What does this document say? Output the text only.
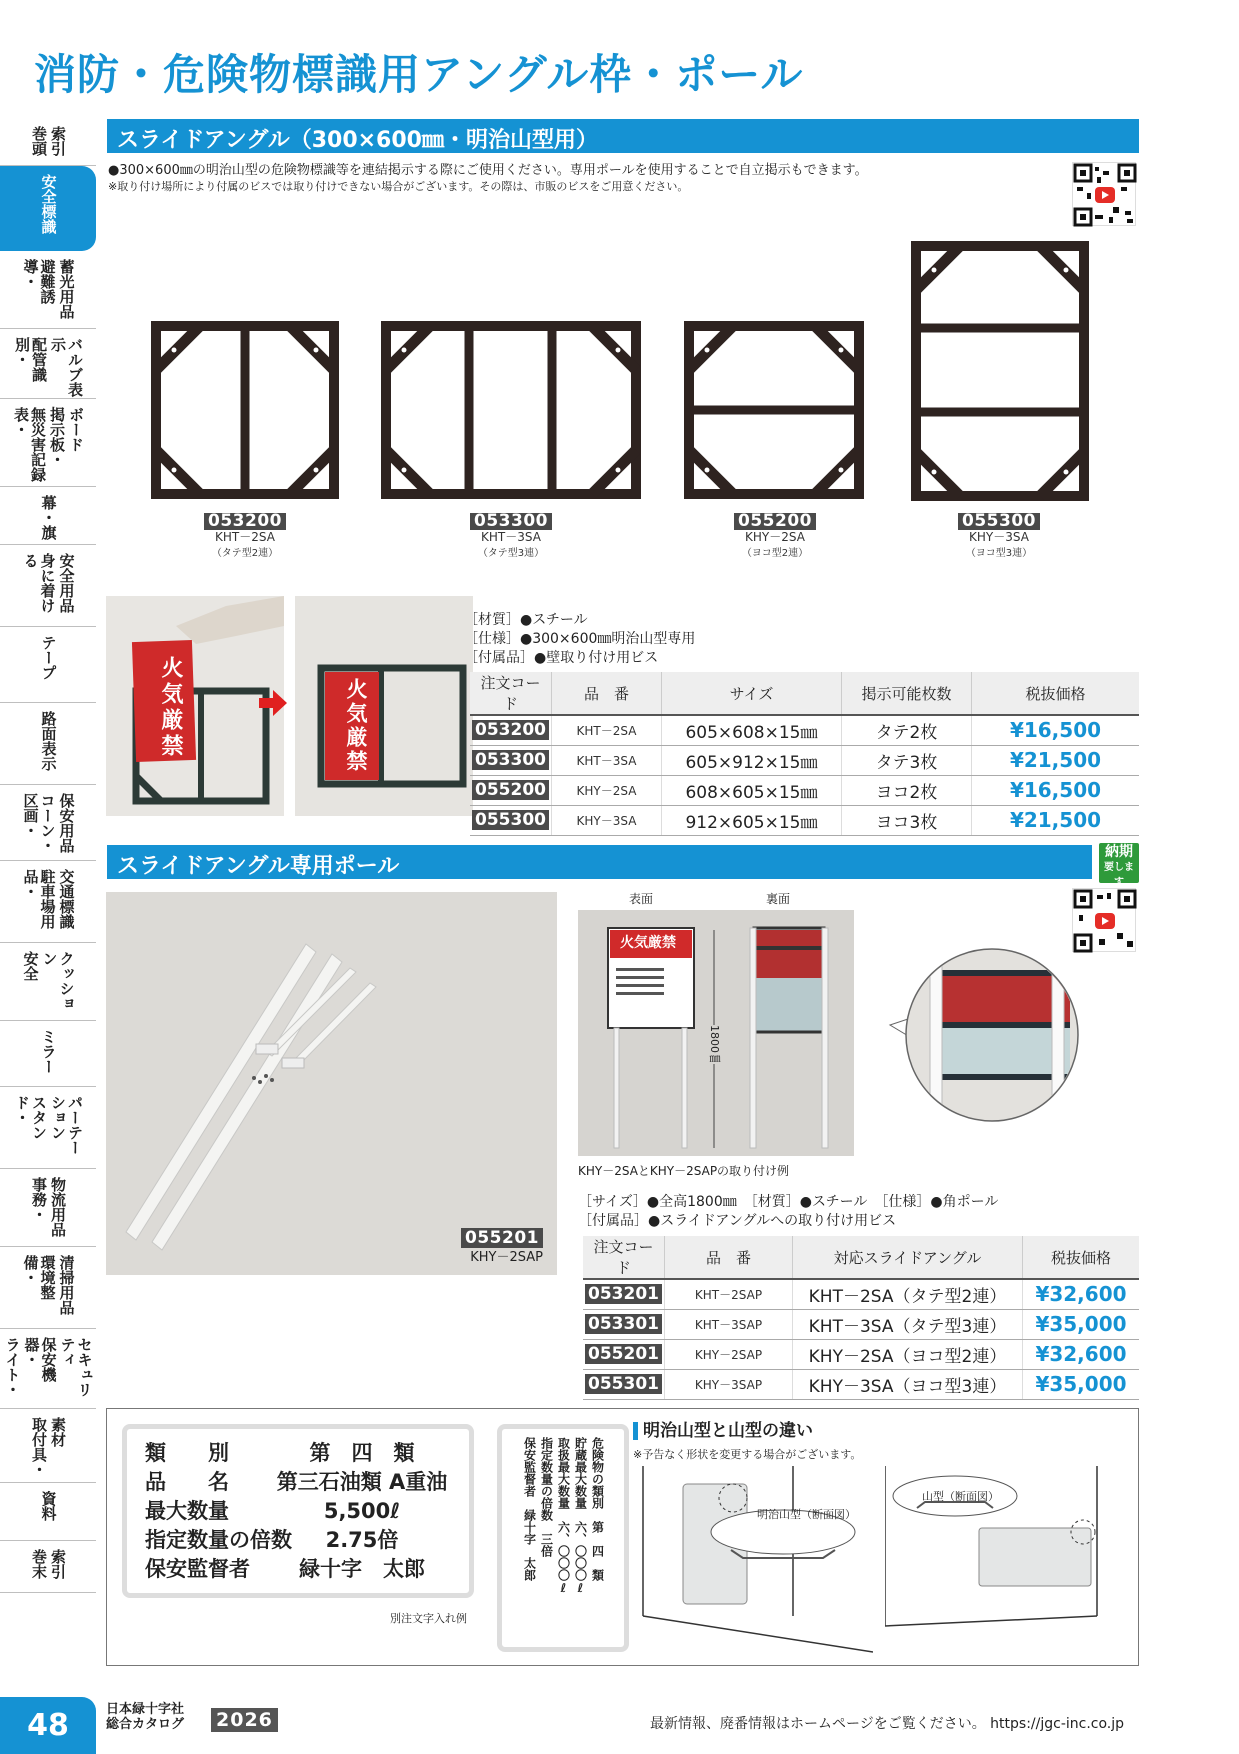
消防・危険物標識用アングル枠・ポール
巻頭 索引
安全標識
避難誘導・	蓄光用品
配管識別・	バルブ表示
無災害記録表・	掲示板・ ボード
幕・旗
身に着ける	安全用品
テープ
路面表示
コーン・区画・	保安用品
駐車場用品・	交通標識
安全	クッション
ミラー
スタンド・	パーテーション
事務・ 物流用品
環境整備・	清掃用品
ライト・	保安機器・	セキュリティ
取付具・ 素材
資料
巻末 索引
スライドアングル（300×600㎜・明治山型用）
●300×600㎜の明治山型の危険物標識等を連結掲示する際にご使用ください。専用ポールを使用することで自立掲示もできます。
※取り付け場所により付属のビスでは取り付けできない場合がございます。その際は、市販のビスをご用意ください。
053200
KHT－2SA
（タテ型2連）
053300
KHT－3SA
（タテ型3連）
055200
KHY－2SA
（ヨコ型2連）
055300
KHY－3SA
（ヨコ型3連）
火気厳禁	火気厳禁
［材質］●スチール
［仕様］●300×600㎜明治山型専用
［付属品］●壁取り付け用ビス
注文コード	品　番	サイズ	掲示可能枚数	税抜価格
053200	KHT－2SA	605×608×15㎜	タテ2枚	¥16,500
053300	KHT－3SA	605×912×15㎜	タテ3枚	¥21,500
055200	KHY－2SA	608×605×15㎜	ヨコ2枚	¥16,500
055300	KHY－3SA	912×605×15㎜	ヨコ3枚	¥21,500
スライドアングル専用ポール
納期
要します
055201
KHY－2SAP
表面	裏面
火気厳禁
1800㎜
KHY－2SAとKHY－2SAPの取り付け例
［サイズ］●全高1800㎜　［材質］●スチール　［仕様］●角ポール
［付属品］●スライドアングルへの取り付け用ビス
注文コード	品　番	対応スライドアングル	税抜価格
053201	KHT－2SAP	KHT－2SA（タテ型2連）	¥32,600
053301	KHT－3SAP	KHT－3SA（タテ型3連）	¥35,000
055201	KHY－2SAP	KHY－2SA（ヨコ型2連）	¥32,600
055301	KHY－3SAP	KHY－3SA（ヨコ型3連）	¥35,000
類　　別	第　四　類
品　　名	第三石油類 A重油
最大数量	5,500ℓ
指定数量の倍数	2.75倍
保安監督者	緑十字　太郎
別注文字入れ例
危険物の類別　第　四　類
貯蔵最大数量　六、〇〇〇ℓ
取扱最大数量　六、〇〇〇ℓ
指定数量の倍数　三倍
保安監督者　緑十字　太郎
明治山型と山型の違い
※予告なく形状を変更する場合がございます。
明治山型（断面図）
山型（断面図）
48	日本緑十字社
総合カタログ 2026	最新情報、廃番情報はホームページをご覧ください。 https://jgc-inc.co.jp
